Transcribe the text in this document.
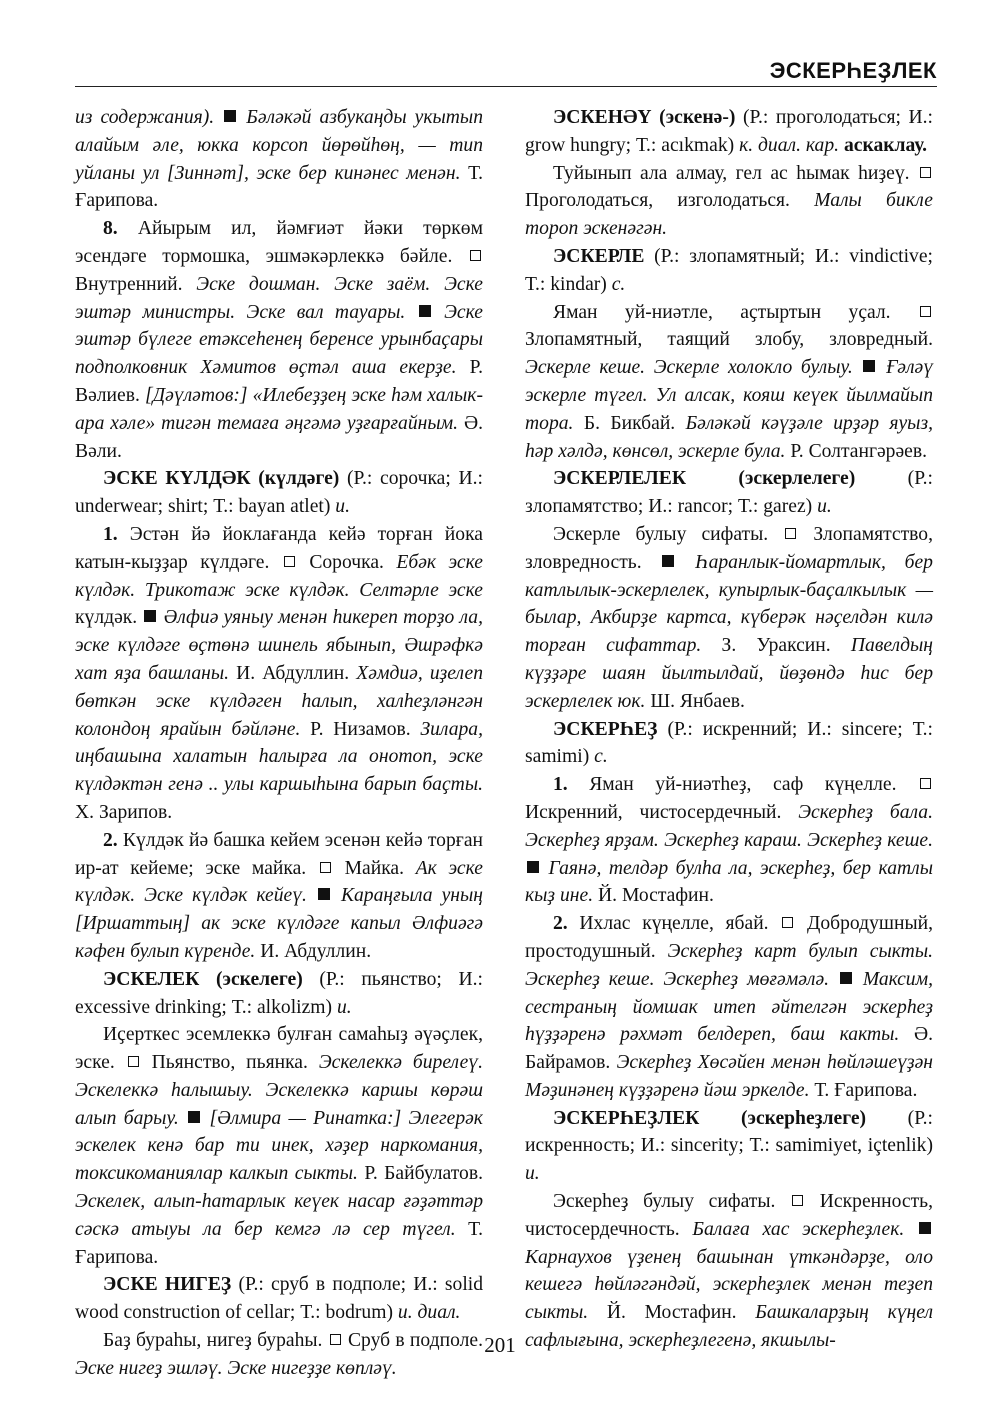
ЭСКЕРҺЕҘЛЕК

из содержания).  Бәләкәй азбукаңды укытып алайым әле, юкка корсоп йөрөйһөң, — тип уйланы ул [Зиннәт], эске бер кинәнес менән. Т. Ғарипова.

8. Айырым ил, йәмғиәт йәки төркөм эсендәге тормошка, эшмәкәрлеккә бәйле.  Внутренний. Эске дошман. Эске заём. Эске эштәр министры. Эске вал тауары.  Эске эштәр бүлеге етәксеһенең беренсе урынбаҫары подполковник Хәмитов өҫтәл аша екерҙе. Р. Вәлиев. [Дәүләтов:] «Илебеҙҙең эске һәм халык-ара хәле» тигән темаға әңгәмә уҙғарғайным. Ә. Вәли.

ЭСКЕ КҮЛДӘК (күлдәге) (Р.: сорочка; И.: underwear; shirt; Т.: bayan atlet) и.

1. Эстән йә йоклағанда кейә торған йока катын-кыҙҙар күлдәге.  Сорочка. Ебәк эске күлдәк. Трикотаж эске күлдәк. Селтәрле эске күлдәк.  Әлфиә уяныу менән һикереп торҙо ла, эске күлдәге өҫтөнә шинель ябынып, Әшрәфкә хат яҙа башланы. И. Абдуллин. Хәмдиә, иҙелеп бөткән эске күлдәген һалып, халһеҙләнгән колондоң ярайын бәйләне. Р. Низамов. Зилара, иңбашына халатын һалырға ла онотоп, эске күлдәктән генә .. улы каршыһына барып баҫты. Х. Зарипов.

2. Күлдәк йә башка кейем эсенән кейә торған ир-ат кейеме; эске майка.  Майка. Ак эске күлдәк. Эске күлдәк кейеү.  Караңғыла уның [Иршаттың] ак эске күлдәге капыл Әлфиәгә кәфен булып күренде. И. Абдуллин.

ЭСКЕЛЕК (эскелеге) (Р.: пьянство; И.: excessive drinking; Т.: alkolizm) и.

Иҫерткес эсемлеккә булған самаһыҙ әүәҫлек, эске.  Пьянство, пьянка. Эскелеккә бирелеү. Эскелеккә һалышыу. Эскелеккә каршы көрәш алып барыу.  [Әлмира — Ринатка:] Элегерәк эскелек кенә бар ти инек, хәҙер наркомания, токсикоманиялар калкып сыкты. Р. Байбулатов. Эскелек, алып-һатарлык кеүек насар ғәҙәттәр сәскә атыуы ла бер кемгә лә сер түгел. Т. Ғарипова.

ЭСКЕ НИГЕҘ (Р.: сруб в подполе; И.: solid wood construction of cellar; Т.: bodrum) и. диал.

Баҙ бураһы, нигеҙ бураһы.  Сруб в подполе. Эске нигеҙ эшләү. Эске нигеҙҙе көпләү.

ЭСКЕНӘҮ (эскенә-) (Р.: проголодаться; И.: grow hungry; Т.: acıkmak) к. диал. кар. аскаклау.

Туйынып ала алмау, гел ас һымак һиҙеү.  Проголодаться, изголодаться. Малы бикле тороп эскенәгән.

ЭСКЕРЛЕ (Р.: злопамятный; И.: vindictive; Т.: kindar) с.

Яман уй-ниәтле, аҫтыртын уҫал.  Злопамятный, таящий злобу, зловредный. Эскерле кеше. Эскерле холокло булыу.  Ғәләү эскерле түгел. Ул алсак, кояш кеүек йылмайып тора. Б. Бикбай. Бәләкәй кәүҙәле ирҙәр яуыз, һәр хәлдә, көнсөл, эскерле була. Р. Солтангәрәев.

ЭСКЕРЛЕЛЕК (эскерлелеге) (Р.: злопамятство; И.: rancor; Т.: garez) и.

Эскерле булыу сифаты.  Злопамятство, зловредность.  Һаранлык-йомартлык, бер катлылык-эскерлелек, купырлык-баҫалкылык — былар, Акбирҙе картса, күберәк нәҫелдән килә торған сифаттар. З. Ураксин. Павелдың күҙҙәре шаян йылтылдай, йөҙөндә һис бер эскерлелек юк. Ш. Янбаев.

ЭСКЕРҺЕҘ (Р.: искренний; И.: sincere; Т.: samimi) с.

1. Яман уй-ниәтһеҙ, саф күңелле.  Искренний, чистосердечный. Эскерһеҙ бала. Эскерһеҙ ярҙам. Эскерһеҙ караш. Эскерһеҙ кеше.  Гаянә, телдәр булһа ла, эскерһеҙ, бер катлы кыҙ ине. Й. Мостафин.

2. Ихлас күңелле, ябай.  Добродушный, простодушный. Эскерһеҙ карт булып сыкты. Эскерһеҙ кеше. Эскерһеҙ мөғәмәлә.  Максим, сестраның йомшак итеп әйтелгән эскерһеҙ һүҙҙәренә рәхмәт белдереп, баш какты. Ә. Байрамов. Эскерһеҙ Хөсәйен менән һөйләшеүҙән Мәҙинәнең күҙҙәренә йәш эркелде. Т. Ғарипова.

ЭСКЕРҺЕҘЛЕК (эскерһеҙлеге) (Р.: искренность; И.: sincerity; Т.: samimiyet, içtenlik) и.

Эскерһеҙ булыу сифаты.  Искренность, чистосердечность. Балаға хас эскерһеҙлек.  Карнаухов үҙенең башынан үткәндәрҙе, оло кешегә һөйләгәндәй, эскерһеҙлек менән теҙеп сыкты. Й. Мостафин. Башкаларҙың күңел сафлығына, эскерһеҙлегенә, якшылы-

201
